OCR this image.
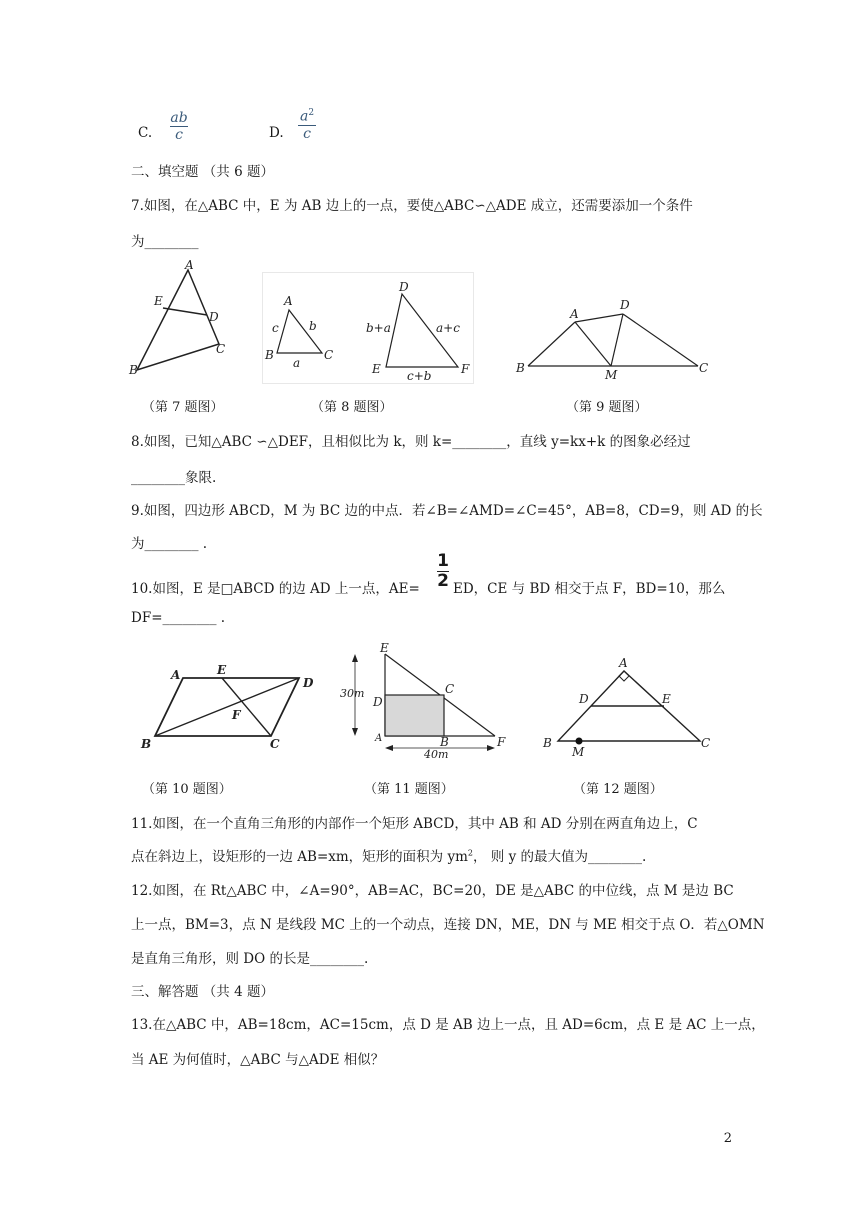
C.
ab
c	D.
$a^2$
c
二、填空题 （共 6 题）
7.如图，在△ABC 中，E 为 AB 边上的一点，要使△ABC∽△ADE 成立，还需要添加一个条件
为________
A
E
D
C
B
A
c	b
B	C
a
D
b+a	a+c
E	F
c+b
A
D
B	C
M
（第 7 题图）	（第 8 题图）	（第 9 题图）
8.如图，已知△ABC ∽△DEF，且相似比为 k，则 k=________，直线 y=kx+k 的图象必经过
________象限.
9.如图，四边形 ABCD，M 为 BC 边的中点．若∠B=∠AMD=∠C=45°，AB=8，CD=9，则 AD 的长
为________ .
10.如图，E 是□ABCD 的边 AD 上一点，AE=
1
2 ED，CE 与 BD 相交于点 F，BD=10，那么
DF=________ .
A	E
D
F
B	C
E
C
D
A	B	F
30m
40m
A
D	E
B	C
M
（第 10 题图）	（第 11 题图）	（第 12 题图）
11.如图，在一个直角三角形的内部作一个矩形 ABCD，其中 AB 和 AD 分别在两直角边上，C
点在斜边上，设矩形的一边 AB=xm，矩形的面积为 $ym^2$， 则 y 的最大值为________.
12.如图，在 Rt△ABC 中，∠A=90°，AB=AC，BC=20，DE 是△ABC 的中位线，点 M 是边 BC
上一点，BM=3，点 N 是线段 MC 上的一个动点，连接 DN，ME，DN 与 ME 相交于点 O．若△OMN
是直角三角形，则 DO 的长是________.
三、解答题 （共 4 题）
13.在△ABC 中，AB=18cm，AC=15cm，点 D 是 AB 边上一点，且 AD=6cm，点 E 是 AC 上一点，
当 AE 为何值时，△ABC 与△ADE 相似？
2
